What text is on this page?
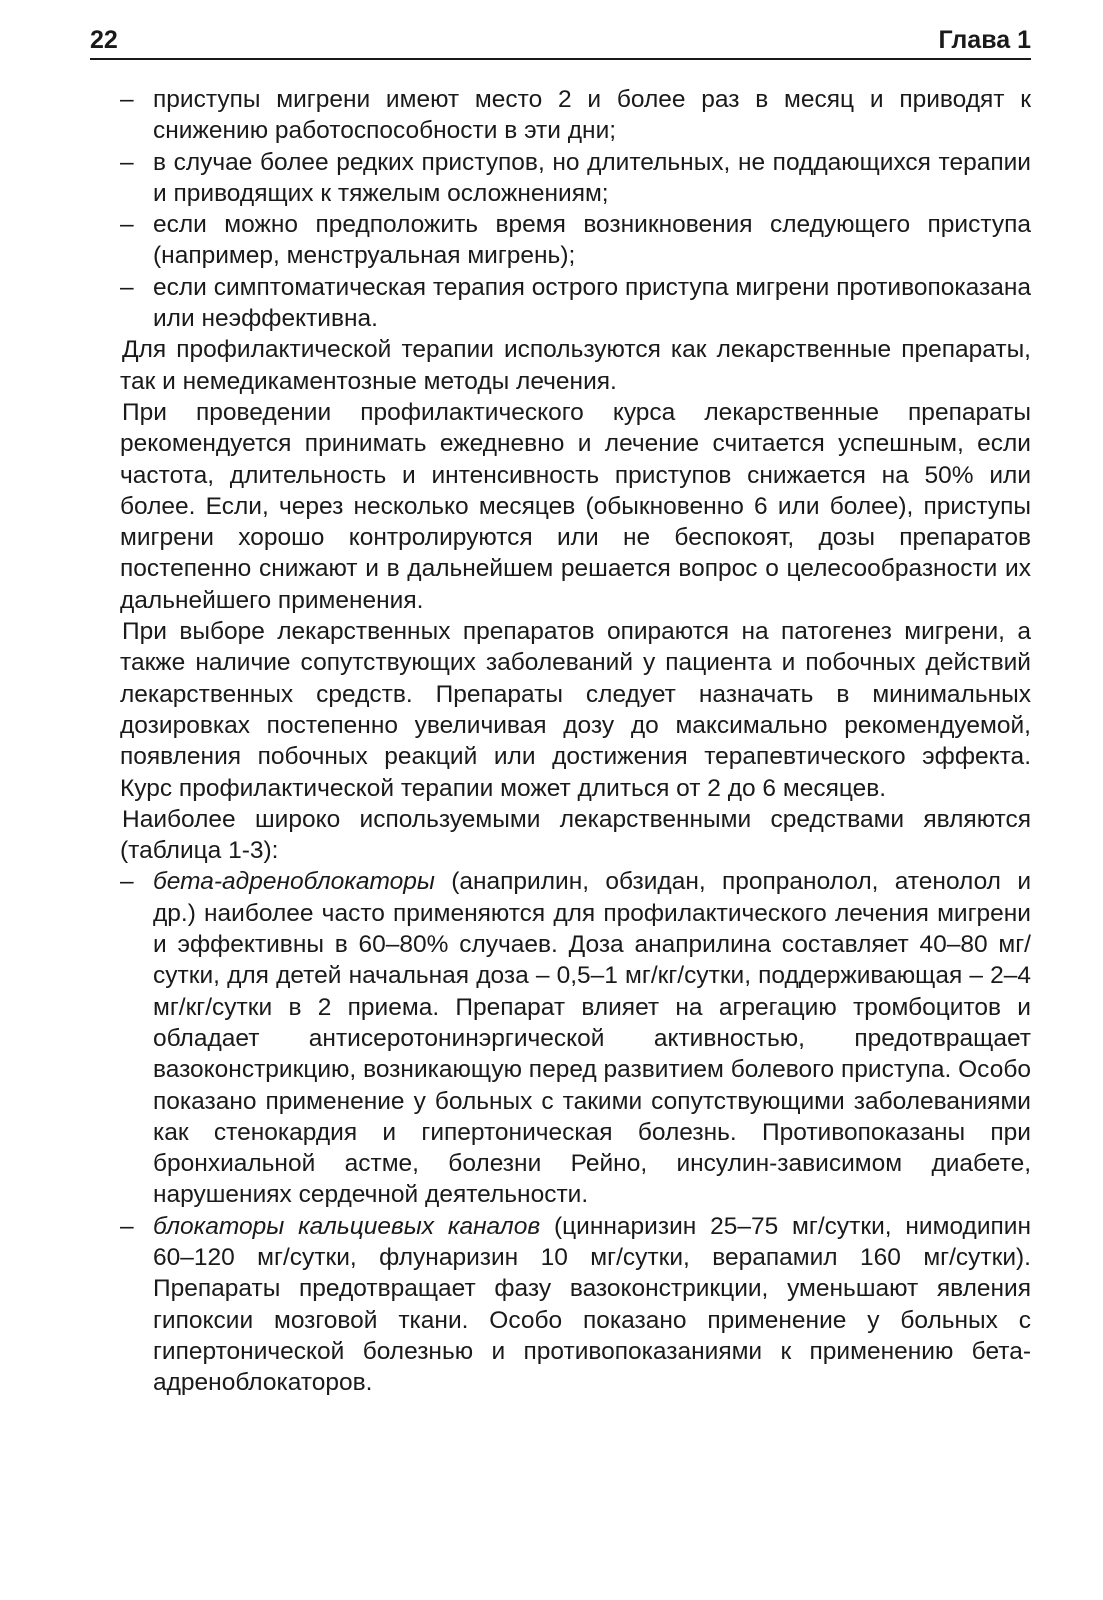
22	Глава 1
– приступы мигрени имеют место 2 и более раз в месяц и приводят к снижению работоспособности в эти дни;
– в случае более редких приступов, но длительных, не поддающихся терапии и приводящих к тяжелым осложнениям;
– если можно предположить время возникновения следующего приступа (например, менструальная мигрень);
– если симптоматическая терапия острого приступа мигрени противопоказана или неэффективна.

Для профилактической терапии используются как лекарственные препараты, так и немедикаментозные методы лечения.

При проведении профилактического курса лекарственные препараты рекомендуется принимать ежедневно и лечение считается успешным, если частота, длительность и интенсивность приступов снижается на 50% или более. Если, через несколько месяцев (обыкновенно 6 или более), приступы мигрени хорошо контролируются или не беспокоят, дозы препаратов постепенно снижают и в дальнейшем решается вопрос о целесообразности их дальнейшего применения.

При выборе лекарственных препаратов опираются на патогенез мигрени, а также наличие сопутствующих заболеваний у пациента и побочных действий лекарственных средств. Препараты следует назначать в минимальных дозировках постепенно увеличивая дозу до максимально рекомендуемой, появления побочных реакций или достижения терапевтического эффекта. Курс профилактической терапии может длиться от 2 до 6 месяцев.

Наиболее широко используемыми лекарственными средствами являются (таблица 1-3):

– бета-адреноблокаторы (анаприлин, обзидан, пропранолол, атенолол и др.) наиболее часто применяются для профилактического лечения мигрени и эффективны в 60–80% случаев. Доза анаприлина составляет 40–80 мг/сутки, для детей начальная доза – 0,5–1 мг/кг/сутки, поддерживающая – 2–4 мг/кг/сутки в 2 приема. Препарат влияет на агрегацию тромбоцитов и обладает антисеротонинэргической активностью, предотвращает вазоконстрикцию, возникающую перед развитием болевого приступа. Особо показано применение у больных с такими сопутствующими заболеваниями как стенокардия и гипертоническая болезнь. Противопоказаны при бронхиальной астме, болезни Рейно, инсулин-зависимом диабете, нарушениях сердечной деятельности.
– блокаторы кальциевых каналов (циннаризин 25–75 мг/сутки, нимодипин 60–120 мг/сутки, флунаризин 10 мг/сутки, верапамил 160 мг/сутки). Препараты предотвращает фазу вазоконстрикции, уменьшают явления гипоксии мозговой ткани. Особо показано применение у больных с гипертонической болезнью и противопоказаниями к применению бета-адреноблокаторов.
